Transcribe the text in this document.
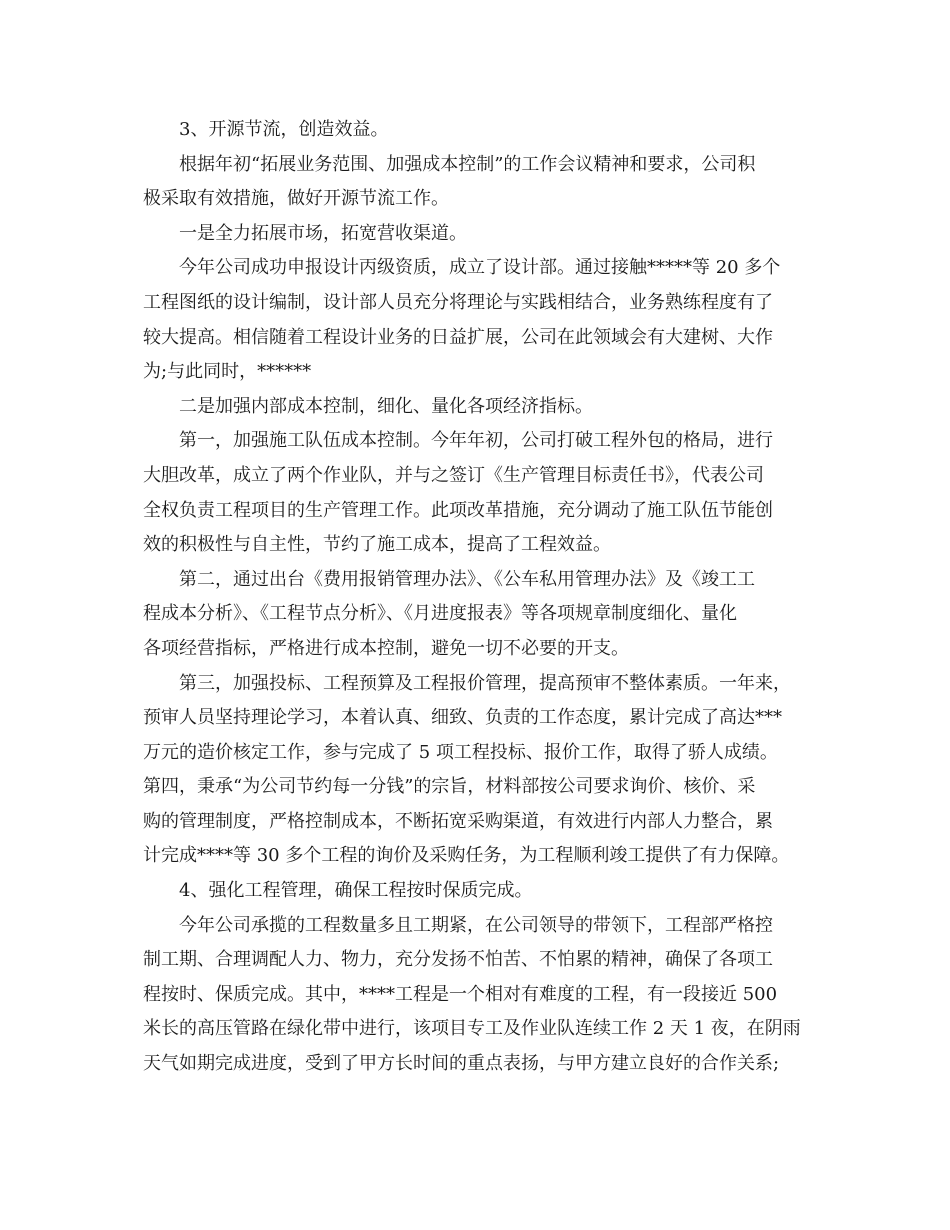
3、开源节流，创造效益。
根据年初“拓展业务范围、加强成本控制”的工作会议精神和要求，公司积
极采取有效措施，做好开源节流工作。
一是全力拓展市场，拓宽营收渠道。
今年公司成功申报设计丙级资质，成立了设计部。通过接触*****等 20 多个
工程图纸的设计编制，设计部人员充分将理论与实践相结合，业务熟练程度有了
较大提高。相信随着工程设计业务的日益扩展，公司在此领域会有大建树、大作
为;与此同时，******
二是加强内部成本控制，细化、量化各项经济指标。
第一，加强施工队伍成本控制。今年年初，公司打破工程外包的格局，进行
大胆改革，成立了两个作业队，并与之签订《生产管理目标责任书》，代表公司
全权负责工程项目的生产管理工作。此项改革措施，充分调动了施工队伍节能创
效的积极性与自主性，节约了施工成本，提高了工程效益。
第二，通过出台《费用报销管理办法》、《公车私用管理办法》及《竣工工
程成本分析》、《工程节点分析》、《月进度报表》等各项规章制度细化、量化
各项经营指标，严格进行成本控制，避免一切不必要的开支。
第三，加强投标、工程预算及工程报价管理，提高预审不整体素质。一年来，
预审人员坚持理论学习，本着认真、细致、负责的工作态度，累计完成了高达***
万元的造价核定工作，参与完成了 5 项工程投标、报价工作，取得了骄人成绩。
第四，秉承“为公司节约每一分钱”的宗旨，材料部按公司要求询价、核价、采
购的管理制度，严格控制成本，不断拓宽采购渠道，有效进行内部人力整合，累
计完成****等 30 多个工程的询价及采购任务，为工程顺利竣工提供了有力保障。
4、强化工程管理，确保工程按时保质完成。
今年公司承揽的工程数量多且工期紧，在公司领导的带领下，工程部严格控
制工期、合理调配人力、物力，充分发扬不怕苦、不怕累的精神，确保了各项工
程按时、保质完成。其中，****工程是一个相对有难度的工程，有一段接近 500
米长的高压管路在绿化带中进行，该项目专工及作业队连续工作 2 天 1 夜，在阴雨
天气如期完成进度，受到了甲方长时间的重点表扬，与甲方建立良好的合作关系;
